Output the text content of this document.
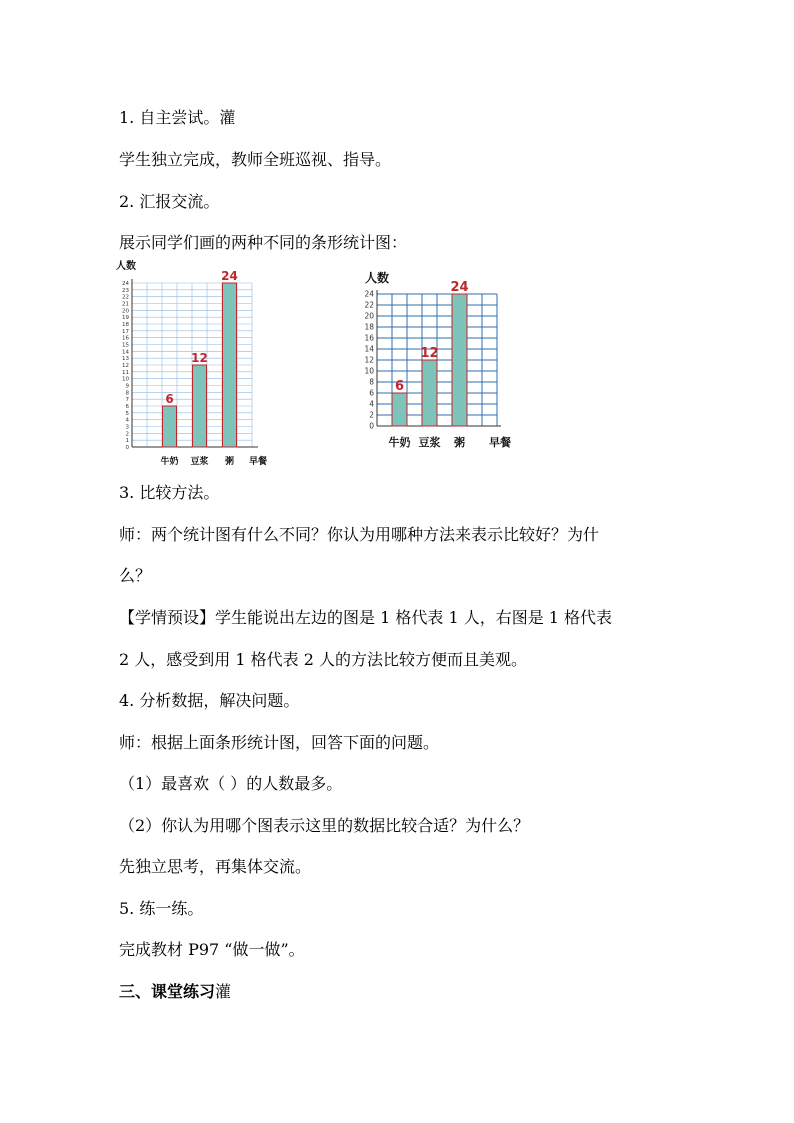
1. 自主尝试。灌
学生独立完成，教师全班巡视、指导。
2. 汇报交流。
展示同学们画的两种不同的条形统计图：
0
1
2
3
4
5
6
7
8
9
10
11
12
13
14
15
16
17
18
19
20
21
22
23
24
人数
6
牛奶
12
豆浆
24
粥 早餐
0
2
4
6
8
10
12
14
16
18
20
22
24
人数
6
牛奶
12
豆浆
24
粥 早餐
3. 比较方法。
师：两个统计图有什么不同？你认为用哪种方法来表示比较好？为什
么？
【学情预设】学生能说出左边的图是 1 格代表 1 人，右图是 1 格代表
2 人，感受到用 1 格代表 2 人的方法比较方便而且美观。
4. 分析数据，解决问题。
师：根据上面条形统计图，回答下面的问题。
（1）最喜欢（ ）的人数最多。
（2）你认为用哪个图表示这里的数据比较合适？为什么？
先独立思考，再集体交流。
5. 练一练。
完成教材 P97 “做一做”。
三、课堂练习灌
